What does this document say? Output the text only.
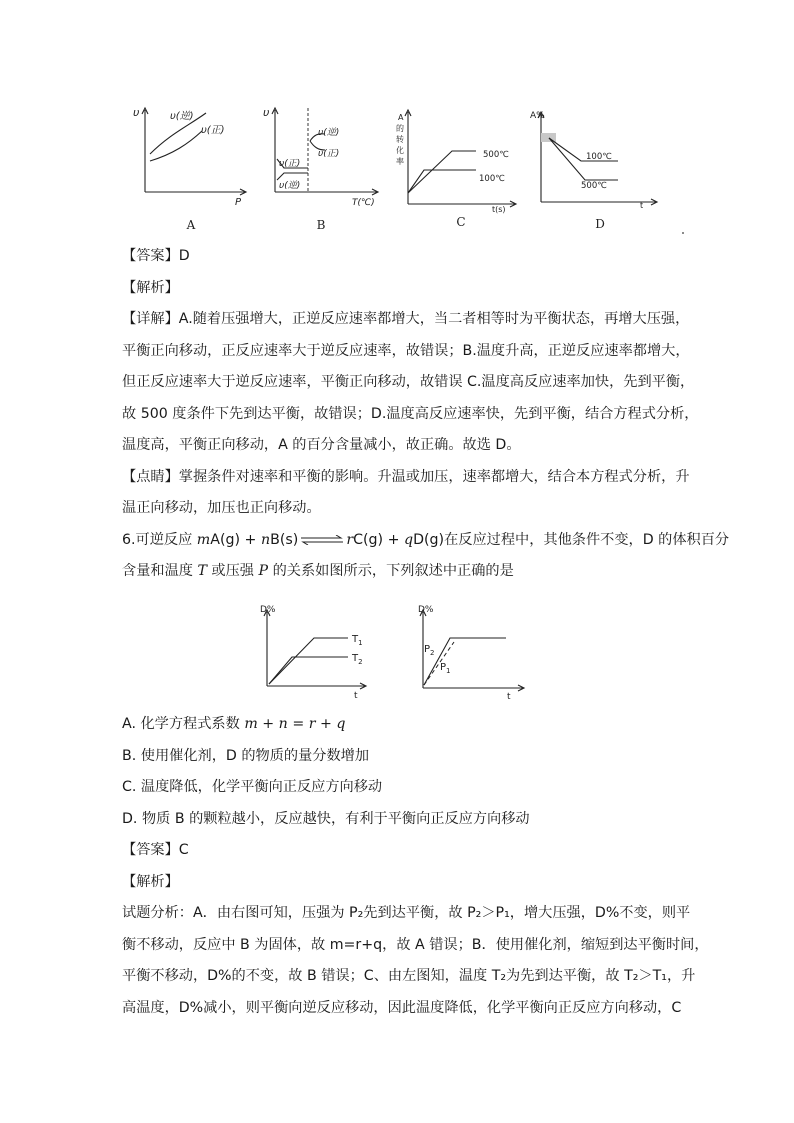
υ
P
υ(逆)
υ(正)
A
υ
T(℃)
υ(正)
υ(逆)
υ(逆)
υ(正)
B
A
的
转
化
率
500℃
100℃
t(s)
C
A%
100℃
500℃
t
D

【答案】D

【解析】

【详解】A.随着压强增大，正逆反应速率都增大，当二者相等时为平衡状态，再增大压强，

平衡正向移动，正反应速率大于逆反应速率，故错误；B.温度升高，正逆反应速率都增大，

但正反应速率大于逆反应速率，平衡正向移动，故错误 C.温度高反应速率加快，先到平衡，

故 500 度条件下先到达平衡，故错误；D.温度高反应速率快，先到平衡，结合方程式分析，

温度高，平衡正向移动，A 的百分含量减小，故正确。故选 D。

【点睛】掌握条件对速率和平衡的影响。升温或加压，速率都增大，结合本方程式分析，升

温正向移动，加压也正向移动。

6.可逆反应 mA(g) + nB(s) ⇌ rC(g) + qD(g)在反应过程中，其他条件不变，D 的体积百分

含量和温度 T 或压强 P 的关系如图所示，下列叙述中正确的是

D%
t
$T_1$
$T_2$
D%
t
$P_2$
$P_1$

A. 化学方程式系数 m + n = r + q

B. 使用催化剂，D 的物质的量分数增加

C. 温度降低，化学平衡向正反应方向移动

D. 物质 B 的颗粒越小，反应越快，有利于平衡向正反应方向移动

【答案】C

【解析】

试题分析：A．由右图可知，压强为 P₂先到达平衡，故 P₂＞P₁，增大压强，D%不变，则平

衡不移动，反应中 B 为固体，故 m=r+q，故 A 错误；B．使用催化剂，缩短到达平衡时间，

平衡不移动，D%的不变，故 B 错误；C、由左图知，温度 T₂为先到达平衡，故 T₂＞T₁，升

高温度，D%减小，则平衡向逆反应移动，因此温度降低，化学平衡向正反应方向移动，C
